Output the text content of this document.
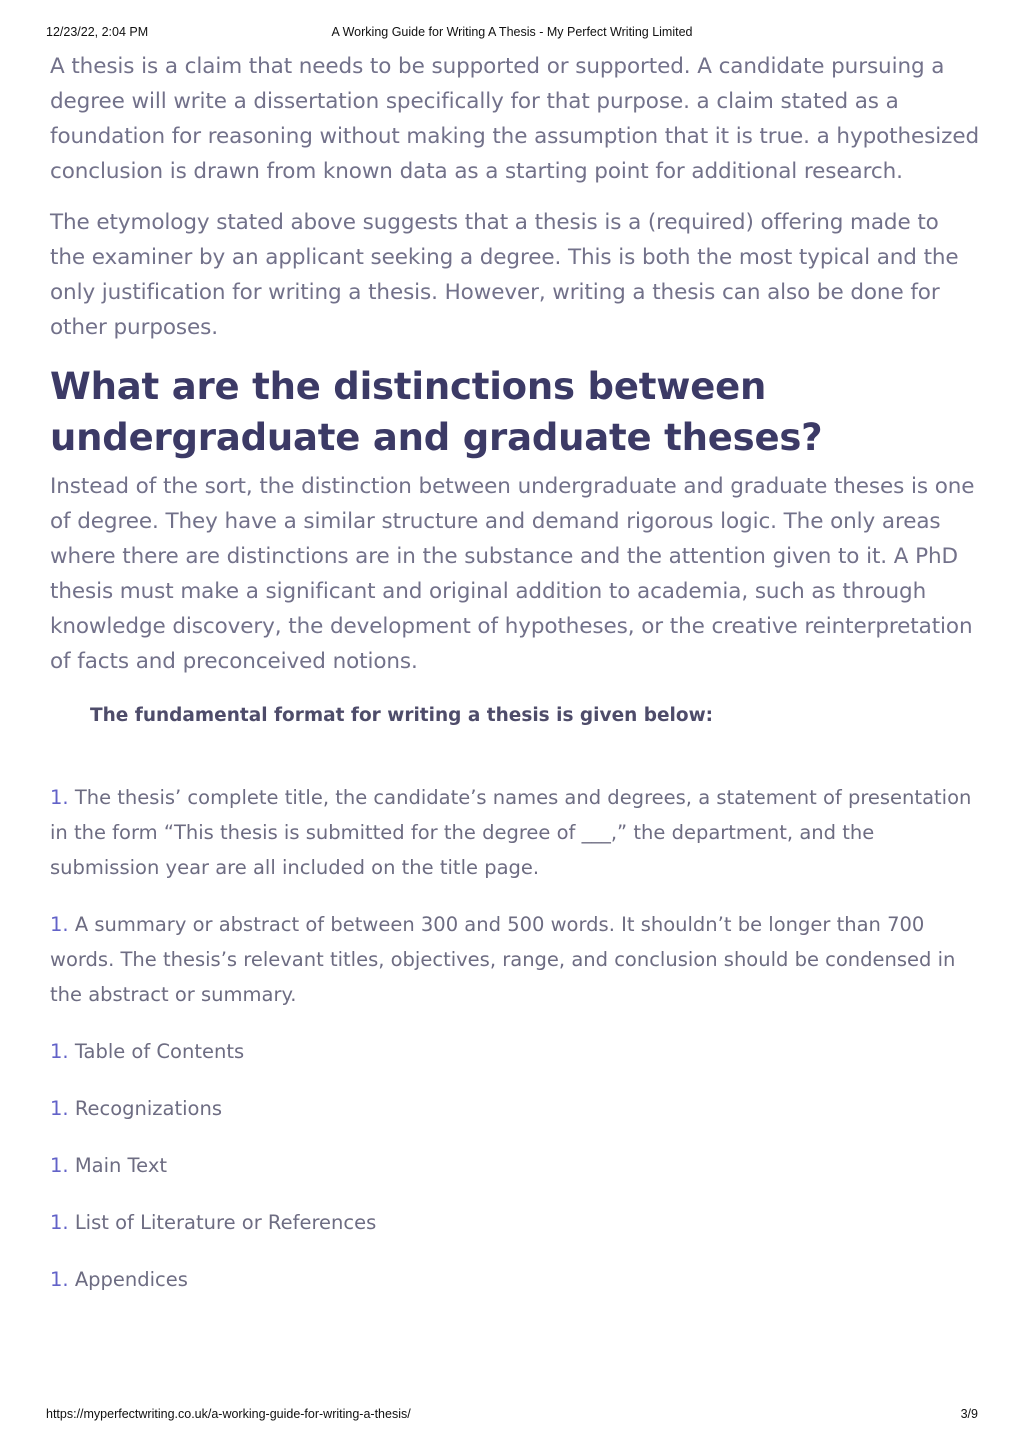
12/23/22, 2:04 PM	A Working Guide for Writing A Thesis - My Perfect Writing Limited

A thesis is a claim that needs to be supported or supported. A candidate pursuing a degree will write a dissertation specifically for that purpose. a claim stated as a foundation for reasoning without making the assumption that it is true. a hypothesized conclusion is drawn from known data as a starting point for additional research.

The etymology stated above suggests that a thesis is a (required) offering made to the examiner by an applicant seeking a degree. This is both the most typical and the only justification for writing a thesis. However, writing a thesis can also be done for other purposes.

What are the distinctions between undergraduate and graduate theses?

Instead of the sort, the distinction between undergraduate and graduate theses is one of degree. They have a similar structure and demand rigorous logic. The only areas where there are distinctions are in the substance and the attention given to it. A PhD thesis must make a significant and original addition to academia, such as through knowledge discovery, the development of hypotheses, or the creative reinterpretation of facts and preconceived notions.

The fundamental format for writing a thesis is given below:
1. The thesis’ complete title, the candidate’s names and degrees, a statement of presentation in the form “This thesis is submitted for the degree of ___,” the department, and the submission year are all included on the title page.
1. A summary or abstract of between 300 and 500 words. It shouldn’t be longer than 700 words. The thesis’s relevant titles, objectives, range, and conclusion should be condensed in the abstract or summary.
1. Table of Contents
1. Recognizations
1. Main Text
1. List of Literature or References
1. Appendices
https://myperfectwriting.co.uk/a-working-guide-for-writing-a-thesis/	3/9
